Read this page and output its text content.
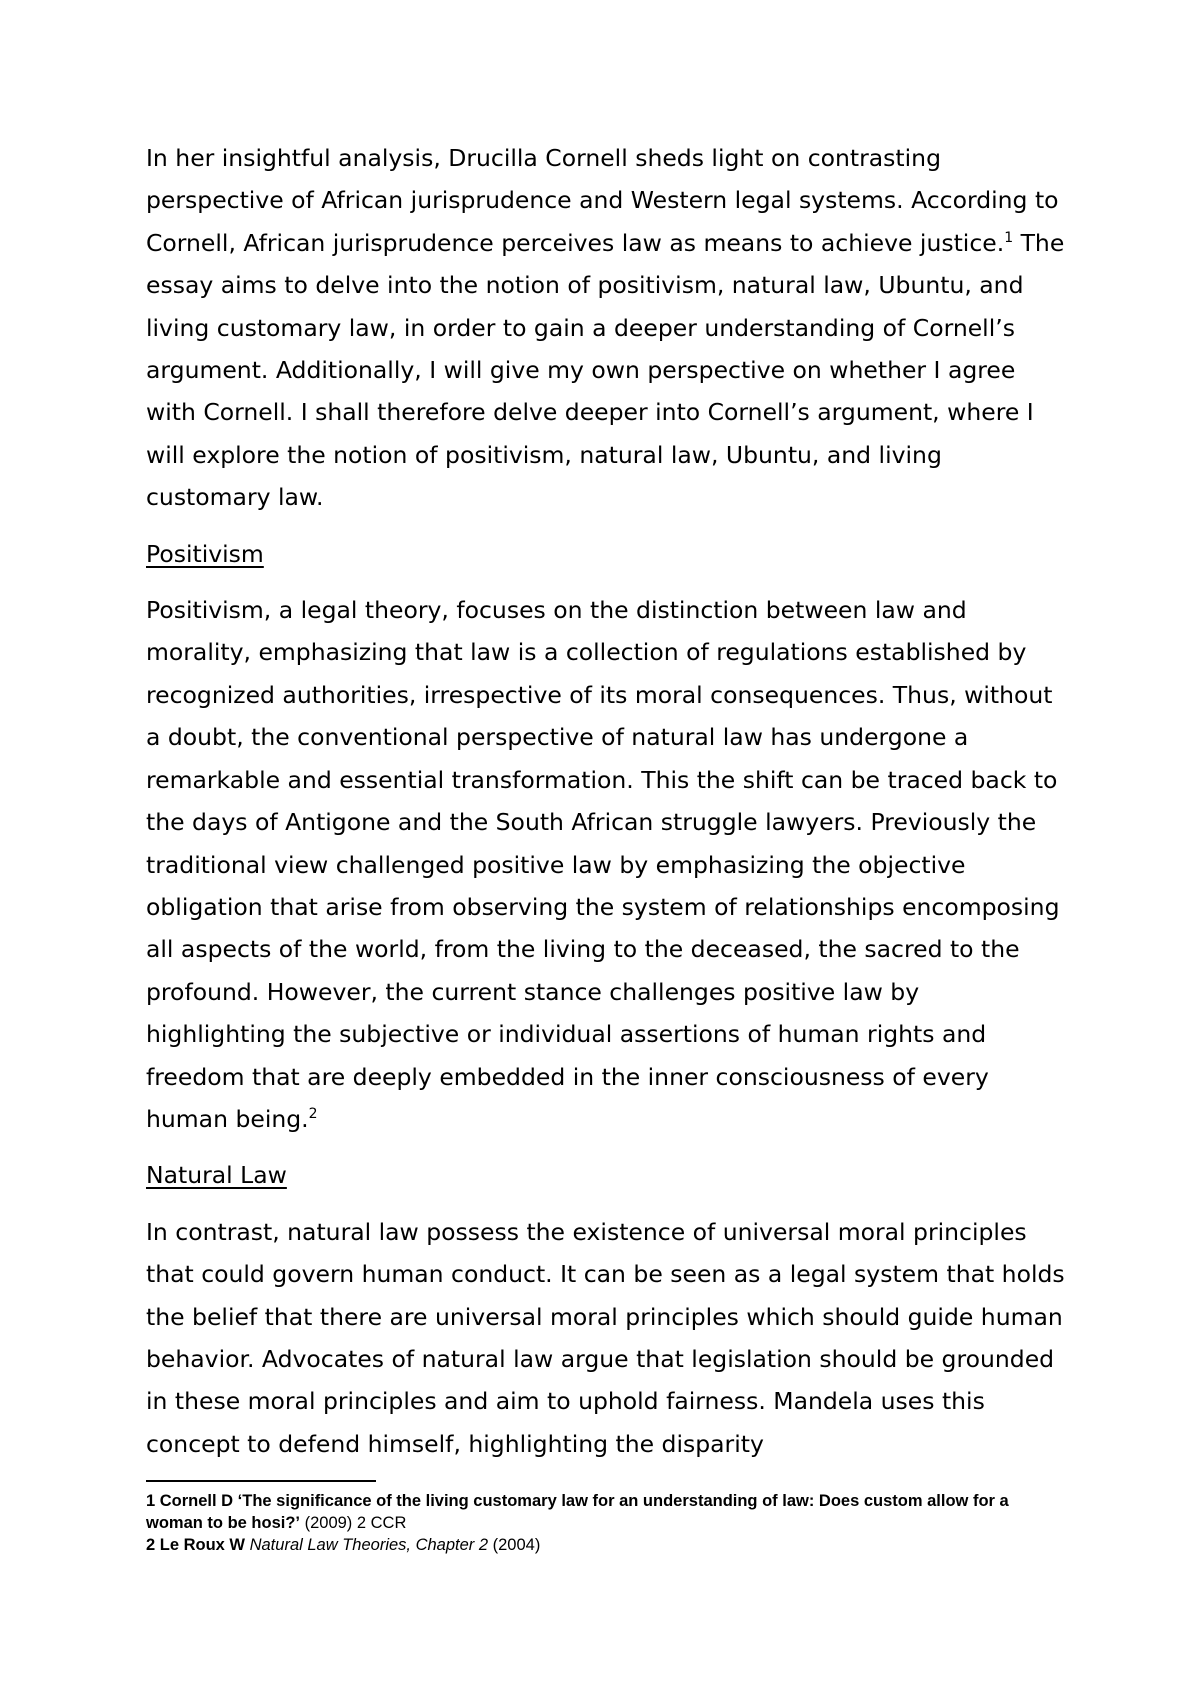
In her insightful analysis, Drucilla Cornell sheds light on contrasting perspective of African jurisprudence and Western legal systems. According to Cornell, African jurisprudence perceives law as means to achieve justice.$^1$ The essay aims to delve into the notion of positivism, natural law, Ubuntu, and living customary law, in order to gain a deeper understanding of Cornell’s argument. Additionally, I will give my own perspective on whether I agree with Cornell. I shall therefore delve deeper into Cornell’s argument, where I will explore the notion of positivism, natural law, Ubuntu, and living customary law.

Positivism

Positivism, a legal theory, focuses on the distinction between law and morality, emphasizing that law is a collection of regulations established by recognized authorities, irrespective of its moral consequences. Thus, without a doubt, the conventional perspective of natural law has undergone a remarkable and essential transformation. This the shift can be traced back to the days of Antigone and the South African struggle lawyers. Previously the traditional view challenged positive law by emphasizing the objective obligation that arise from observing the system of relationships encomposing all aspects of the world, from the living to the deceased, the sacred to the profound. However, the current stance challenges positive law by highlighting the subjective or individual assertions of human rights and freedom that are deeply embedded in the inner consciousness of every human being.$^2$

Natural Law

In contrast, natural law possess the existence of universal moral principles that could govern human conduct. It can be seen as a legal system that holds the belief that there are universal moral principles which should guide human behavior. Advocates of natural law argue that legislation should be grounded in these moral principles and aim to uphold fairness. Mandela uses this concept to defend himself, highlighting the disparity

1 Cornell D ‘The significance of the living customary law for an understanding of law: Does custom allow for a woman to be hosi?’ (2009) 2 CCR

2 Le Roux W Natural Law Theories, Chapter 2 (2004)
